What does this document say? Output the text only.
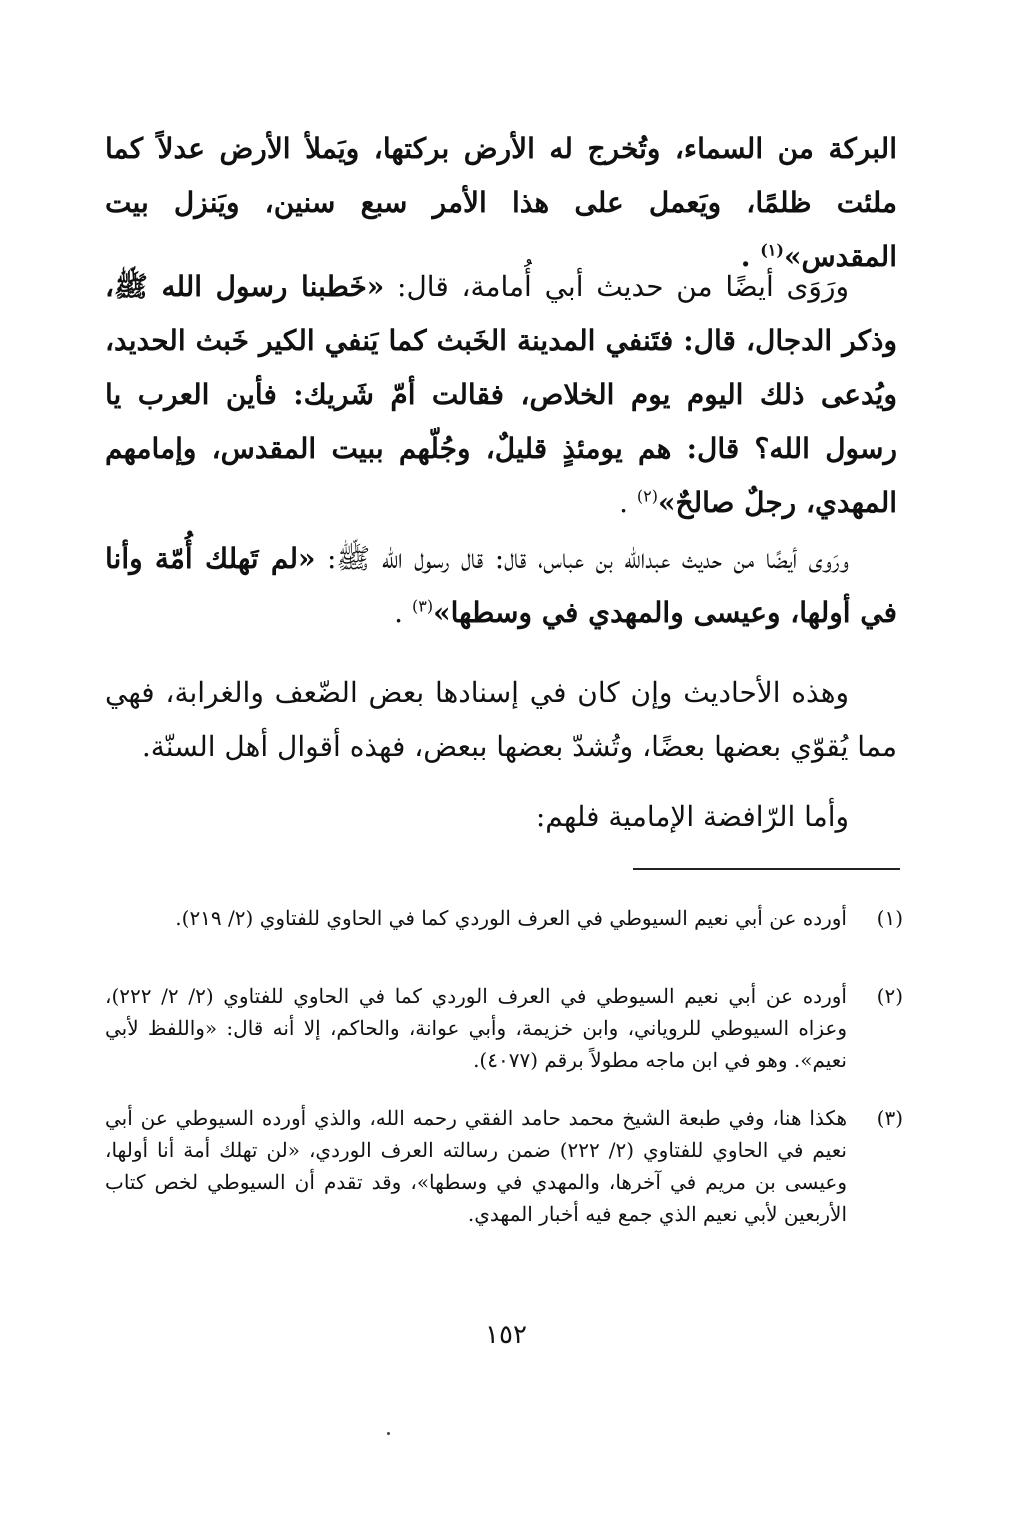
البركة من السماء، وتُخرج له الأرض بركتها، ويَملأ الأرض عدلاً كما ملئت ظلمًا، ويَعمل على هذا الأمر سبع سنين، ويَنزل بيت المقدس»$^{(١)}$ .

ورَوَى أيضًا من حديث أبي أُمامة، قال: «خَطبنا رسول الله ﷺ، وذكر الدجال، قال: فتَنفي المدينة الخَبث كما يَنفي الكير خَبث الحديد، ويُدعى ذلك اليوم يوم الخلاص، فقالت أمّ شَريك: فأين العرب يا رسول الله؟ قال: هم يومئذٍ قليلٌ، وجُلّهم ببيت المقدس، وإمامهم المهدي، رجلٌ صالحٌ»$^{(٢)}$ .

ورَوى أيضًا من حديث عبدالله بن عباس، قال: قال رسول الله ﷺ: «لم تَهلك أُمّة وأنا في أولها، وعيسى والمهدي في وسطها»$^{(٣)}$ .

وهذه الأحاديث وإن كان في إسنادها بعض الضّعف والغرابة، فهي مما يُقوّي بعضها بعضًا، وتُشدّ بعضها ببعض، فهذه أقوال أهل السنّة.

وأما الرّافضة الإمامية فلهم:

(١)
أورده عن أبي نعيم السيوطي في العرف الوردي كما في الحاوي للفتاوي (٢/ ٢١٩).
(٢)
أورده عن أبي نعيم السيوطي في العرف الوردي كما في الحاوي للفتاوي (٢/ ٢/ ٢٢٢)، وعزاه السيوطي للروياني، وابن خزيمة، وأبي عوانة، والحاكم، إلا أنه قال: «واللفظ لأبي نعيم». وهو في ابن ماجه مطولاً برقم (٤٠٧٧).
(٣)
هكذا هنا، وفي طبعة الشيخ محمد حامد الفقي رحمه الله، والذي أورده السيوطي عن أبي نعيم في الحاوي للفتاوي (٢/ ٢٢٢) ضمن رسالته العرف الوردي، «لن تهلك أمة أنا أولها، وعيسى بن مريم في آخرها، والمهدي في وسطها»، وقد تقدم أن السيوطي لخص كتاب الأربعين لأبي نعيم الذي جمع فيه أخبار المهدي.
١٥٢
